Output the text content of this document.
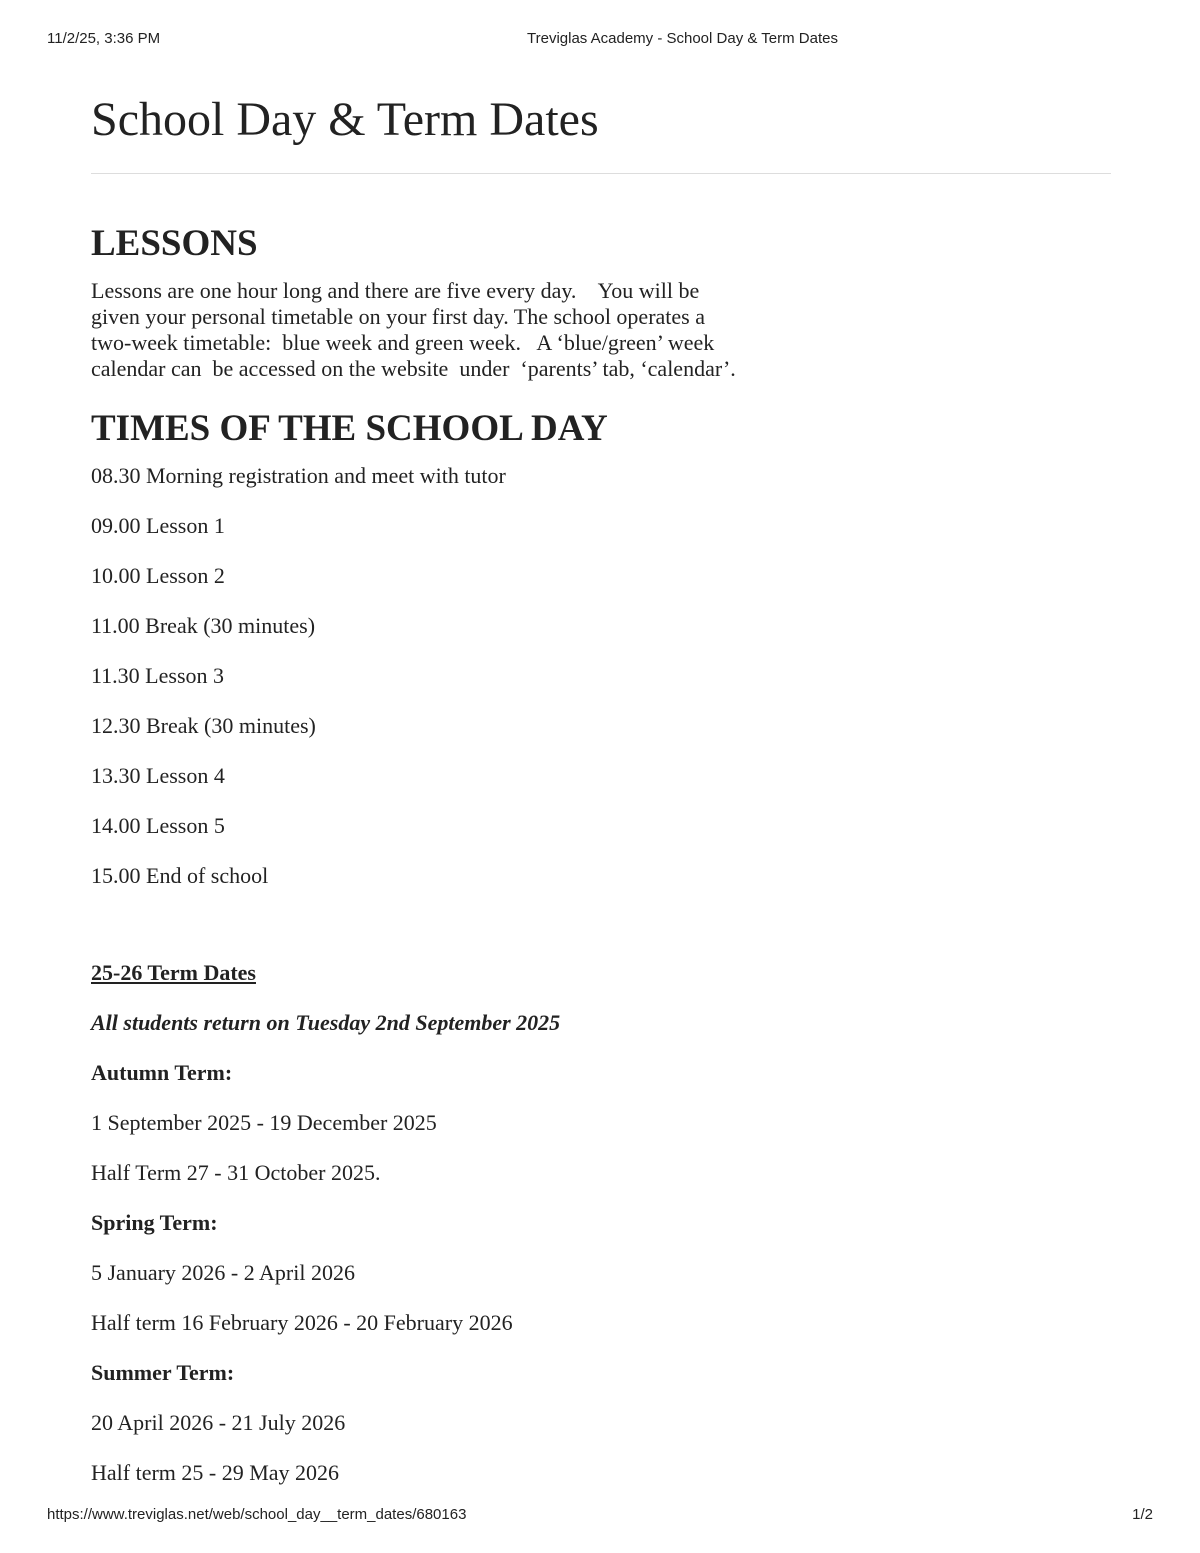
11/2/25, 3:36 PM	Treviglas Academy - School Day & Term Dates
School Day & Term Dates
LESSONS

Lessons are one hour long and there are five every day.    You will be
given your personal timetable on your first day. The school operates a
two-week timetable:  blue week and green week.   A ‘blue/green’ week
calendar can  be accessed on the website  under  ‘parents’ tab, ‘calendar’.

TIMES OF THE SCHOOL DAY
08.30 Morning registration and meet with tutor
09.00 Lesson 1
10.00 Lesson 2
11.00 Break (30 minutes)
11.30 Lesson 3
12.30 Break (30 minutes)
13.30 Lesson 4
14.00 Lesson 5
15.00 End of school
25-26 Term Dates
All students return on Tuesday 2nd September 2025
Autumn Term:
1 September 2025 - 19 December 2025
Half Term 27 - 31 October 2025.
Spring Term:
5 January 2026 - 2 April 2026
Half term 16 February 2026 - 20 February 2026
Summer Term:
20 April 2026 - 21 July 2026
Half term 25 - 29 May 2026
https://www.treviglas.net/web/school_day__term_dates/680163	1/2
